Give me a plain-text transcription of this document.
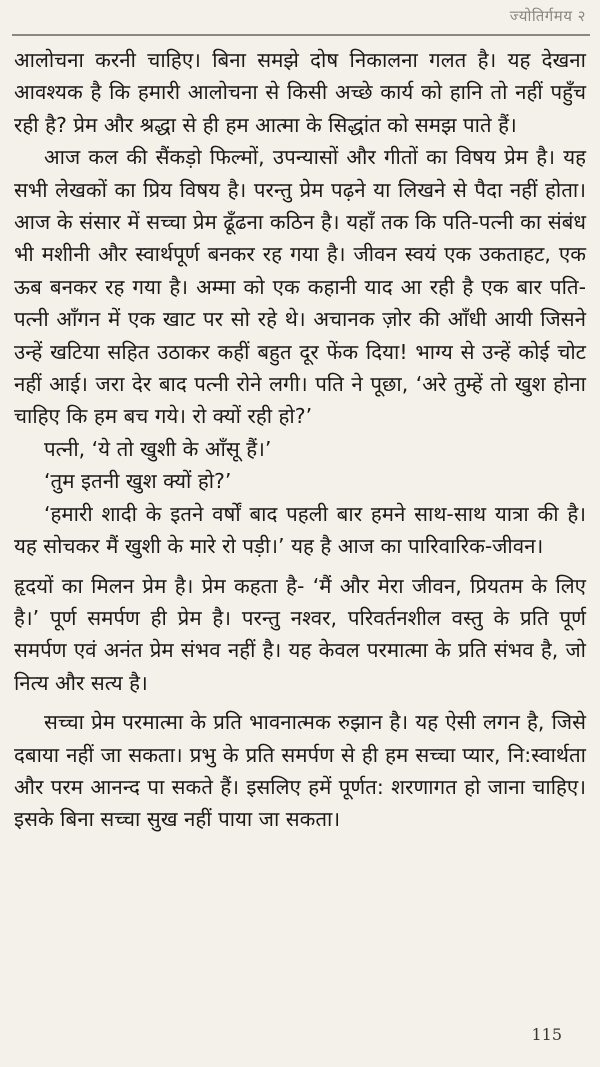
ज्योतिर्गमय २

आलोचना करनी चाहिए। बिना समझे दोष निकालना गलत है। यह देखना आवश्यक है कि हमारी आलोचना से किसी अच्छे कार्य को हानि तो नहीं पहुँच रही है? प्रेम और श्रद्धा से ही हम आत्मा के सिद्धांत को समझ पाते हैं।

आज कल की सैंकड़ो फिल्मों, उपन्यासों और गीतों का विषय प्रेम है। यह सभी लेखकों का प्रिय विषय है। परन्तु प्रेम पढ़ने या लिखने से पैदा नहीं होता। आज के संसार में सच्चा प्रेम ढूँढना कठिन है। यहाँ तक कि पति-पत्नी का संबंध भी मशीनी और स्वार्थपूर्ण बनकर रह गया है। जीवन स्वयं एक उकताहट, एक ऊब बनकर रह गया है। अम्मा को एक कहानी याद आ रही है एक बार पति-पत्नी आँगन में एक खाट पर सो रहे थे। अचानक ज़ोर की आँधी आयी जिसने उन्हें खटिया सहित उठाकर कहीं बहुत दूर फेंक दिया! भाग्य से उन्हें कोई चोट नहीं आई। जरा देर बाद पत्नी रोने लगी। पति ने पूछा, ‘अरे तुम्हें तो खुश होना चाहिए कि हम बच गये। रो क्यों रही हो?’

पत्नी, ‘ये तो खुशी के आँसू हैं।’

‘तुम इतनी खुश क्यों हो?’

‘हमारी शादी के इतने वर्षों बाद पहली बार हमने साथ-साथ यात्रा की है। यह सोचकर मैं खुशी के मारे रो पड़ी।’ यह है आज का पारिवारिक-जीवन।

हृदयों का मिलन प्रेम है। प्रेम कहता है- ‘मैं और मेरा जीवन, प्रियतम के लिए है।’ पूर्ण समर्पण ही प्रेम है। परन्तु नश्वर, परिवर्तनशील वस्तु के प्रति पूर्ण समर्पण एवं अनंत प्रेम संभव नहीं है। यह केवल परमात्मा के प्रति संभव है, जो नित्य और सत्य है।

सच्चा प्रेम परमात्मा के प्रति भावनात्मक रुझान है। यह ऐसी लगन है, जिसे दबाया नहीं जा सकता। प्रभु के प्रति समर्पण से ही हम सच्चा प्यार, नि:स्वार्थता और परम आनन्द पा सकते हैं। इसलिए हमें पूर्णत: शरणागत हो जाना चाहिए। इसके बिना सच्चा सुख नहीं पाया जा सकता।

115
